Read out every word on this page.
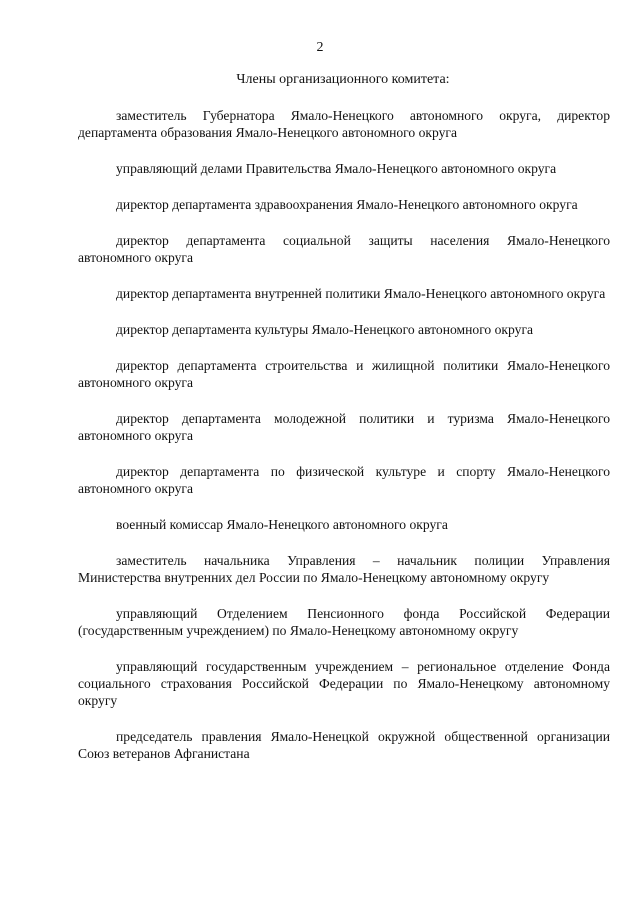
2
Члены организационного комитета:

заместитель Губернатора Ямало-Ненецкого автономного округа, директор департамента образования Ямало-Ненецкого автономного округа

управляющий делами Правительства Ямало-Ненецкого автономного округа

директор департамента здравоохранения Ямало-Ненецкого автономного округа

директор департамента социальной защиты населения Ямало-Ненецкого автономного округа

директор департамента внутренней политики Ямало-Ненецкого автономного округа

директор департамента культуры Ямало-Ненецкого автономного округа

директор департамента строительства и жилищной политики Ямало-Ненецкого автономного округа

директор департамента молодежной политики и туризма Ямало-Ненецкого автономного округа

директор департамента по физической культуре и спорту Ямало-Ненецкого автономного округа

военный комиссар Ямало-Ненецкого автономного округа

заместитель начальника Управления – начальник полиции Управления Министерства внутренних дел России по Ямало-Ненецкому автономному округу

управляющий Отделением Пенсионного фонда Российской Федерации (государственным учреждением) по Ямало-Ненецкому автономному округу

управляющий государственным учреждением – региональное отделение Фонда социального страхования Российской Федерации по Ямало-Ненецкому автономному округу

председатель правления Ямало-Ненецкой окружной общественной организации Союз ветеранов Афганистана
